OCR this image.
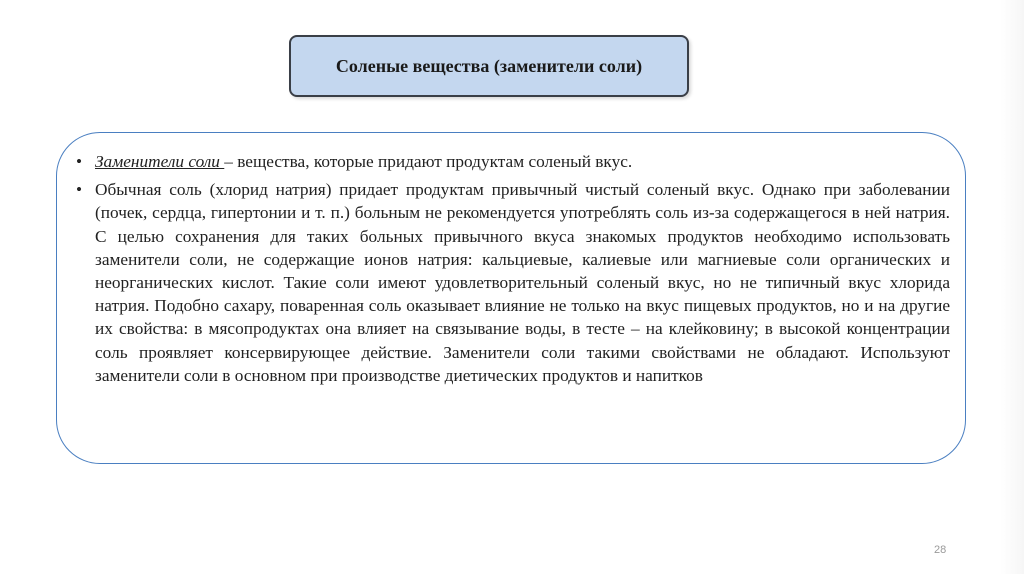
Соленые вещества (заменители соли)
• Заменители соли – вещества, которые придают продуктам соленый вкус.
• Обычная соль (хлорид натрия) придает продуктам привычный чистый соленый вкус. Однако при заболевании (почек, сердца, гипертонии и т. п.) больным не рекомендуется употреблять соль из-за содержащегося в ней натрия. С целью сохранения для таких больных привычного вкуса знакомых продуктов необходимо использовать заменители соли, не содержащие ионов натрия: кальциевые, калиевые или магниевые соли органических и неорганических кислот. Такие соли имеют удовлетворительный соленый вкус, но не типичный вкус хлорида натрия. Подобно сахару, поваренная соль оказывает влияние не только на вкус пищевых продуктов, но и на другие их свойства: в мясопродуктах она влияет на связывание воды, в тесте – на клейковину; в высокой концентрации соль проявляет консервирующее действие. Заменители соли такими свойствами не обладают. Используют заменители соли в основном при производстве диетических продуктов и напитков
28
